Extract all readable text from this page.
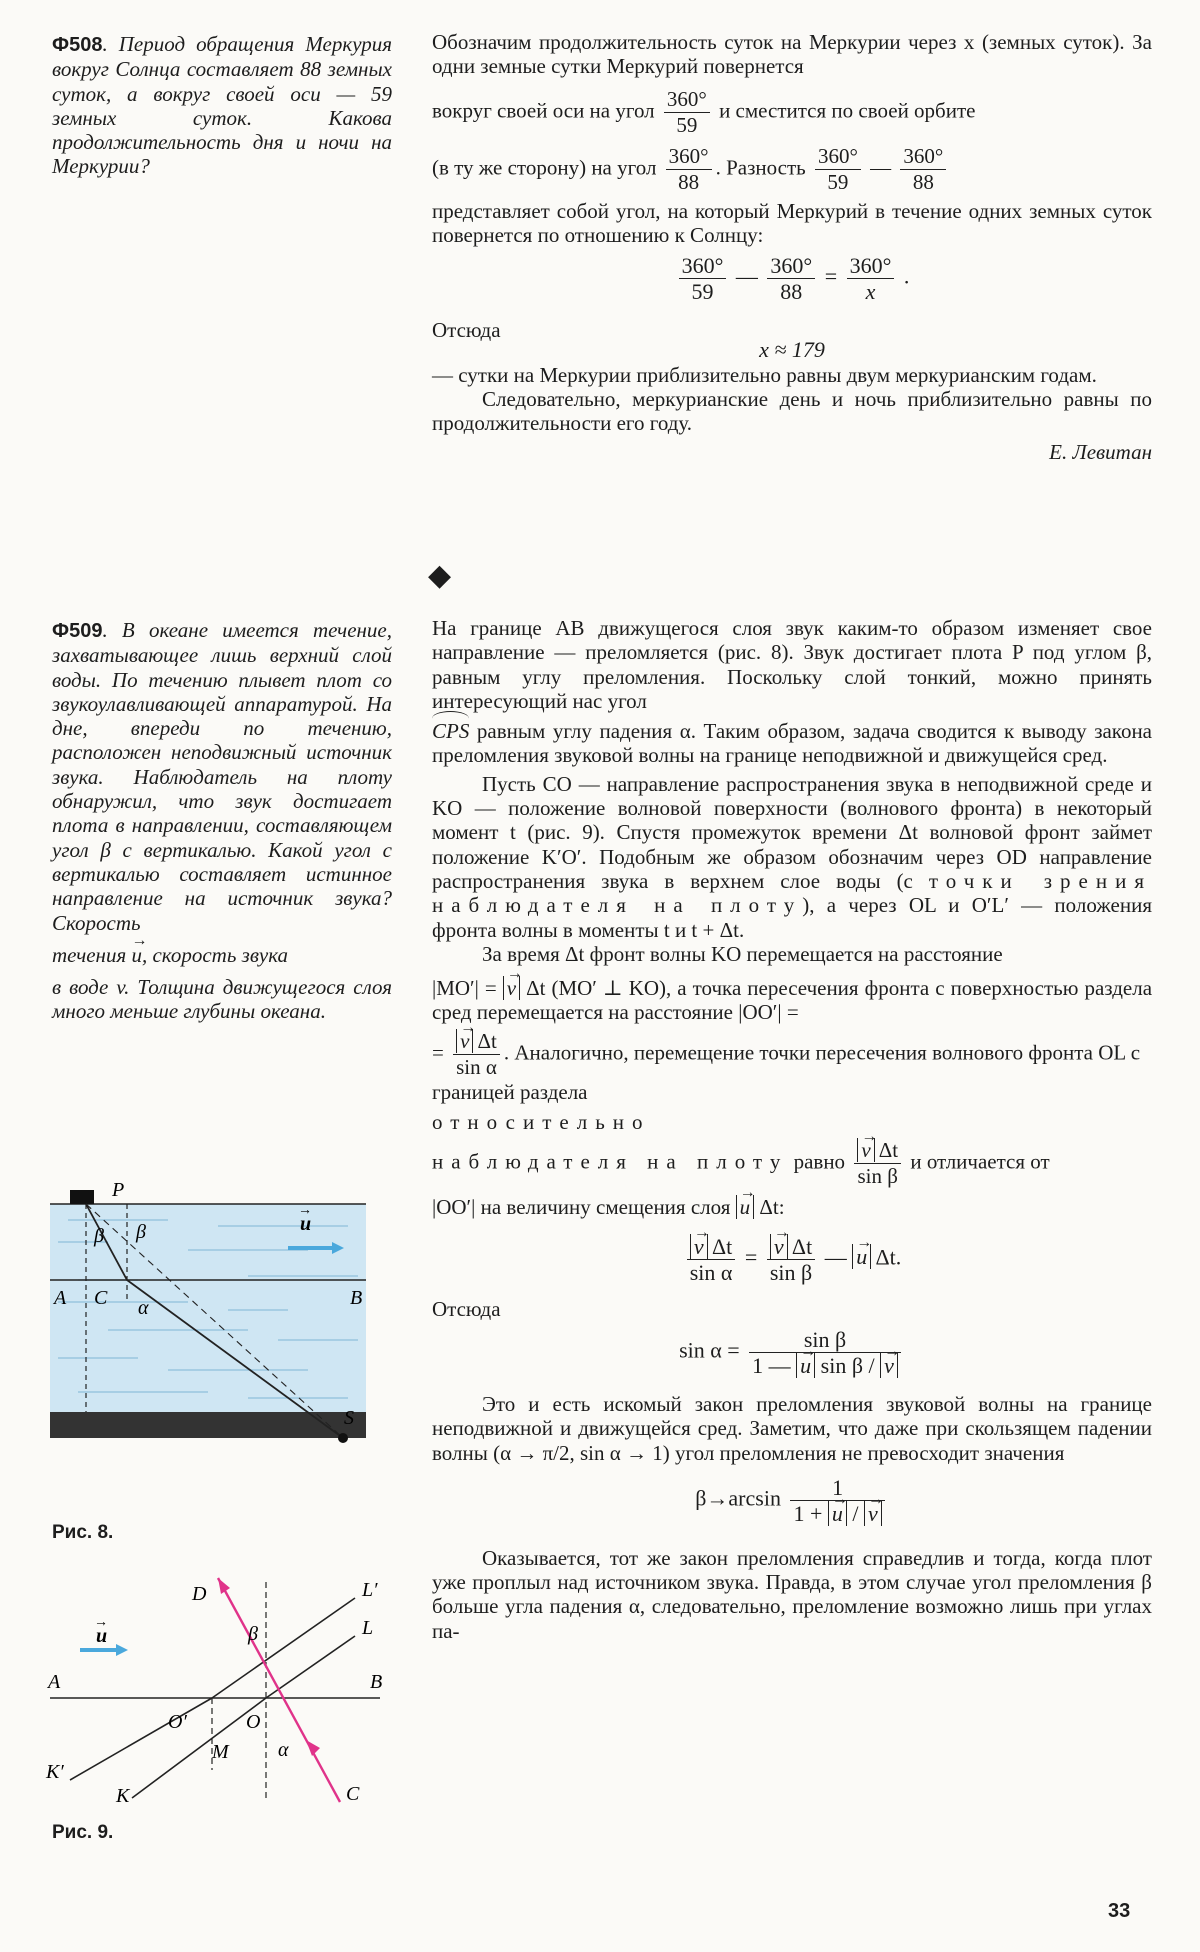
Ф508. Период обращения Меркурия вокруг Солнца составляет 88 земных суток, а вокруг своей оси — 59 земных суток. Какова продолжительность дня и ночи на Меркурии?
Обозначим продолжительность суток на Меркурии через x (земных суток). За одни земные сутки Меркурий повернется
вокруг своей оси на угол $\frac{360^\circ}{59}$ и сместится по своей орбите
(в ту же сторону) на угол $\frac{360^\circ}{88}$ . Разность $\frac{360^\circ}{59}$ — $\frac{360^\circ}{88}$
представляет собой угол, на который Меркурий в течение одних земных суток повернется по отношению к Солнцу:
$\frac{360^\circ}{59}$ — $\frac{360^\circ}{88} = \frac{360^\circ}{x}$ .
Отсюда
x ≈ 179
— сутки на Меркурии приблизительно равны двум меркурианским годам.
Следовательно, меркурианские день и ночь приблизительно равны по продолжительности его году.
Е. Левитан
◆
Ф509. В океане имеется течение, захватывающее лишь верхний слой воды. По течению плывет плот со звукоулавливающей аппаратурой. На дне, впереди по течению, расположен неподвижный источник звука. Наблюдатель на плоту обнаружил, что звук достигает плота в направлении, составляющем угол β с вертикалью. Какой угол с вертикалью составляет истинное направление на источник звука? Скорость
течения → u, скорость звука
в воде v. Толщина движущегося слоя много меньше глубины океана.
P
A C	B
S
β β
α
u
→
Рис. 8.
D	L′
L
A	B
O′	O
M
K′
K	C
u
→
β
α
Рис. 9.
На границе AB движущегося слоя звук каким-то образом изменяет свое направление — преломляется (рис. 8). Звук достигает плота P под углом β, равным углу преломления. Поскольку слой тонкий, можно принять интересующий нас угол
CPS равным углу падения α. Таким образом, задача сводится к выводу закона преломления звуковой волны на границе неподвижной и движущейся сред.
Пусть CO — направление распространения звука в неподвижной среде и KO — положение волновой поверхности (волнового фронта) в некоторый момент t (рис. 9). Спустя промежуток времени Δt волновой фронт займет положение K′O′. Подобным же образом обозначим через OD направление распространения звука в верхнем слое воды (с точки зрения наблюдателя на плоту), а через OL и O′L′ — положения фронта волны в моменты t и t + Δt.
За время Δt фронт волны KO перемещается на расстояние
|MO′| = → v Δt (MO′ ⊥ KO), а точка пересечения фронта с поверхностью раздела сред перемещается на расстояние |OO′| =
= → $\frac{\text{v Δt}}{\text{sin α}}$ . Аналогично, перемещение точки пересечения волнового фронта OL с границей раздела
относительно
наблюдателя на плоту равно → $\frac{\text{v Δt}}{\text{sin β}}$ и отличается от
|OO′| на величину смещения слоя → u Δt:
→ $\frac{\text{v Δt}}{\text{sin α}}$ = → $\frac{\text{v Δt}}{\text{sin β}}$ — → u Δt.
Отсюда
$\sin \alpha = \frac{\text{sin β}}{\text{1 — → u sin β / → v}}$
Это и есть искомый закон преломления звуковой волны на границе неподвижной и движущейся сред. Заметим, что даже при скользящем падении волны (α → π/2, sin α → 1) угол преломления не превосходит значения
$\beta\to\arcsin \frac{1}{1 + \to u / \to v}$
Оказывается, тот же закон преломления справедлив и тогда, когда плот уже проплыл над источником звука. Правда, в этом случае угол преломления β больше угла падения α, следовательно, преломление возможно лишь при углах па-
33
